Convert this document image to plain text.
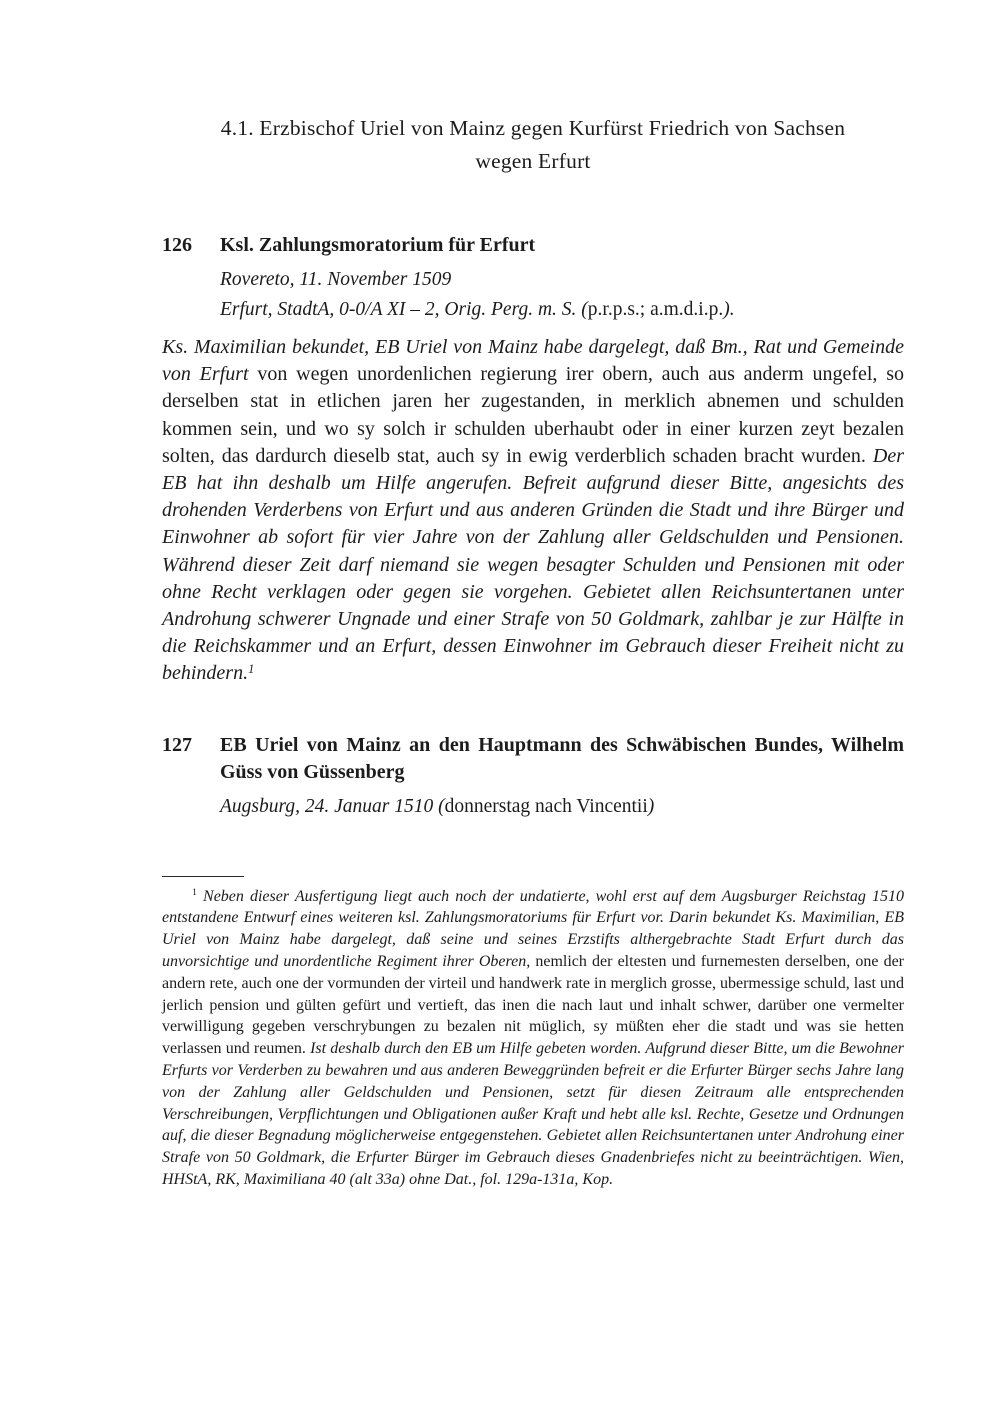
4.1. Erzbischof Uriel von Mainz gegen Kurfürst Friedrich von Sachsen
wegen Erfurt
126	Ksl. Zahlungsmoratorium für Erfurt

Rovereto, 11. November 1509

Erfurt, StadtA, 0-0/A XI – 2, Orig. Perg. m. S. (p.r.p.s.; a.m.d.i.p.).

Ks. Maximilian bekundet, EB Uriel von Mainz habe dargelegt, daß Bm., Rat und Gemeinde von Erfurt von wegen unordenlichen regierung irer obern, auch aus anderm ungefel, so derselben stat in etlichen jaren her zugestanden, in merklich abnemen und schulden kommen sein, und wo sy solch ir schulden uberhaubt oder in einer kurzen zeyt bezalen solten, das dardurch dieselb stat, auch sy in ewig verderblich schaden bracht wurden. Der EB hat ihn deshalb um Hilfe angerufen. Befreit aufgrund dieser Bitte, angesichts des drohenden Verderbens von Erfurt und aus anderen Gründen die Stadt und ihre Bürger und Einwohner ab sofort für vier Jahre von der Zahlung aller Geldschulden und Pensionen. Während dieser Zeit darf niemand sie wegen besagter Schulden und Pensionen mit oder ohne Recht verklagen oder gegen sie vorgehen. Gebietet allen Reichsuntertanen unter Androhung schwerer Ungnade und einer Strafe von 50 Goldmark, zahlbar je zur Hälfte in die Reichskammer und an Erfurt, dessen Einwohner im Gebrauch dieser Freiheit nicht zu behindern.$^1$

127	EB Uriel von Mainz an den Hauptmann des Schwäbischen Bundes, Wilhelm Güss von Güssenberg

Augsburg, 24. Januar 1510 (donnerstag nach Vincentii)

$^1$ Neben dieser Ausfertigung liegt auch noch der undatierte, wohl erst auf dem Augsburger Reichstag 1510 entstandene Entwurf eines weiteren ksl. Zahlungsmoratoriums für Erfurt vor. Darin bekundet Ks. Maximilian, EB Uriel von Mainz habe dargelegt, daß seine und seines Erzstifts althergebrachte Stadt Erfurt durch das unvorsichtige und unordentliche Regiment ihrer Oberen, nemlich der eltesten und furnemesten derselben, one der andern rete, auch one der vormunden der virteil und handwerk rate in merglich grosse, ubermessige schuld, last und jerlich pension und gülten gefürt und vertieft, das inen die nach laut und inhalt schwer, darüber one vermelter verwilligung gegeben verschrybungen zu bezalen nit müglich, sy müßten eher die stadt und was sie hetten verlassen und reumen. Ist deshalb durch den EB um Hilfe gebeten worden. Aufgrund dieser Bitte, um die Bewohner Erfurts vor Verderben zu bewahren und aus anderen Beweggründen befreit er die Erfurter Bürger sechs Jahre lang von der Zahlung aller Geldschulden und Pensionen, setzt für diesen Zeitraum alle entsprechenden Verschreibungen, Verpflichtungen und Obligationen außer Kraft und hebt alle ksl. Rechte, Gesetze und Ordnungen auf, die dieser Begnadung möglicherweise entgegenstehen. Gebietet allen Reichsuntertanen unter Androhung einer Strafe von 50 Goldmark, die Erfurter Bürger im Gebrauch dieses Gnadenbriefes nicht zu beeinträchtigen. Wien, HHStA, RK, Maximiliana 40 (alt 33a) ohne Dat., fol. 129a-131a, Kop.
